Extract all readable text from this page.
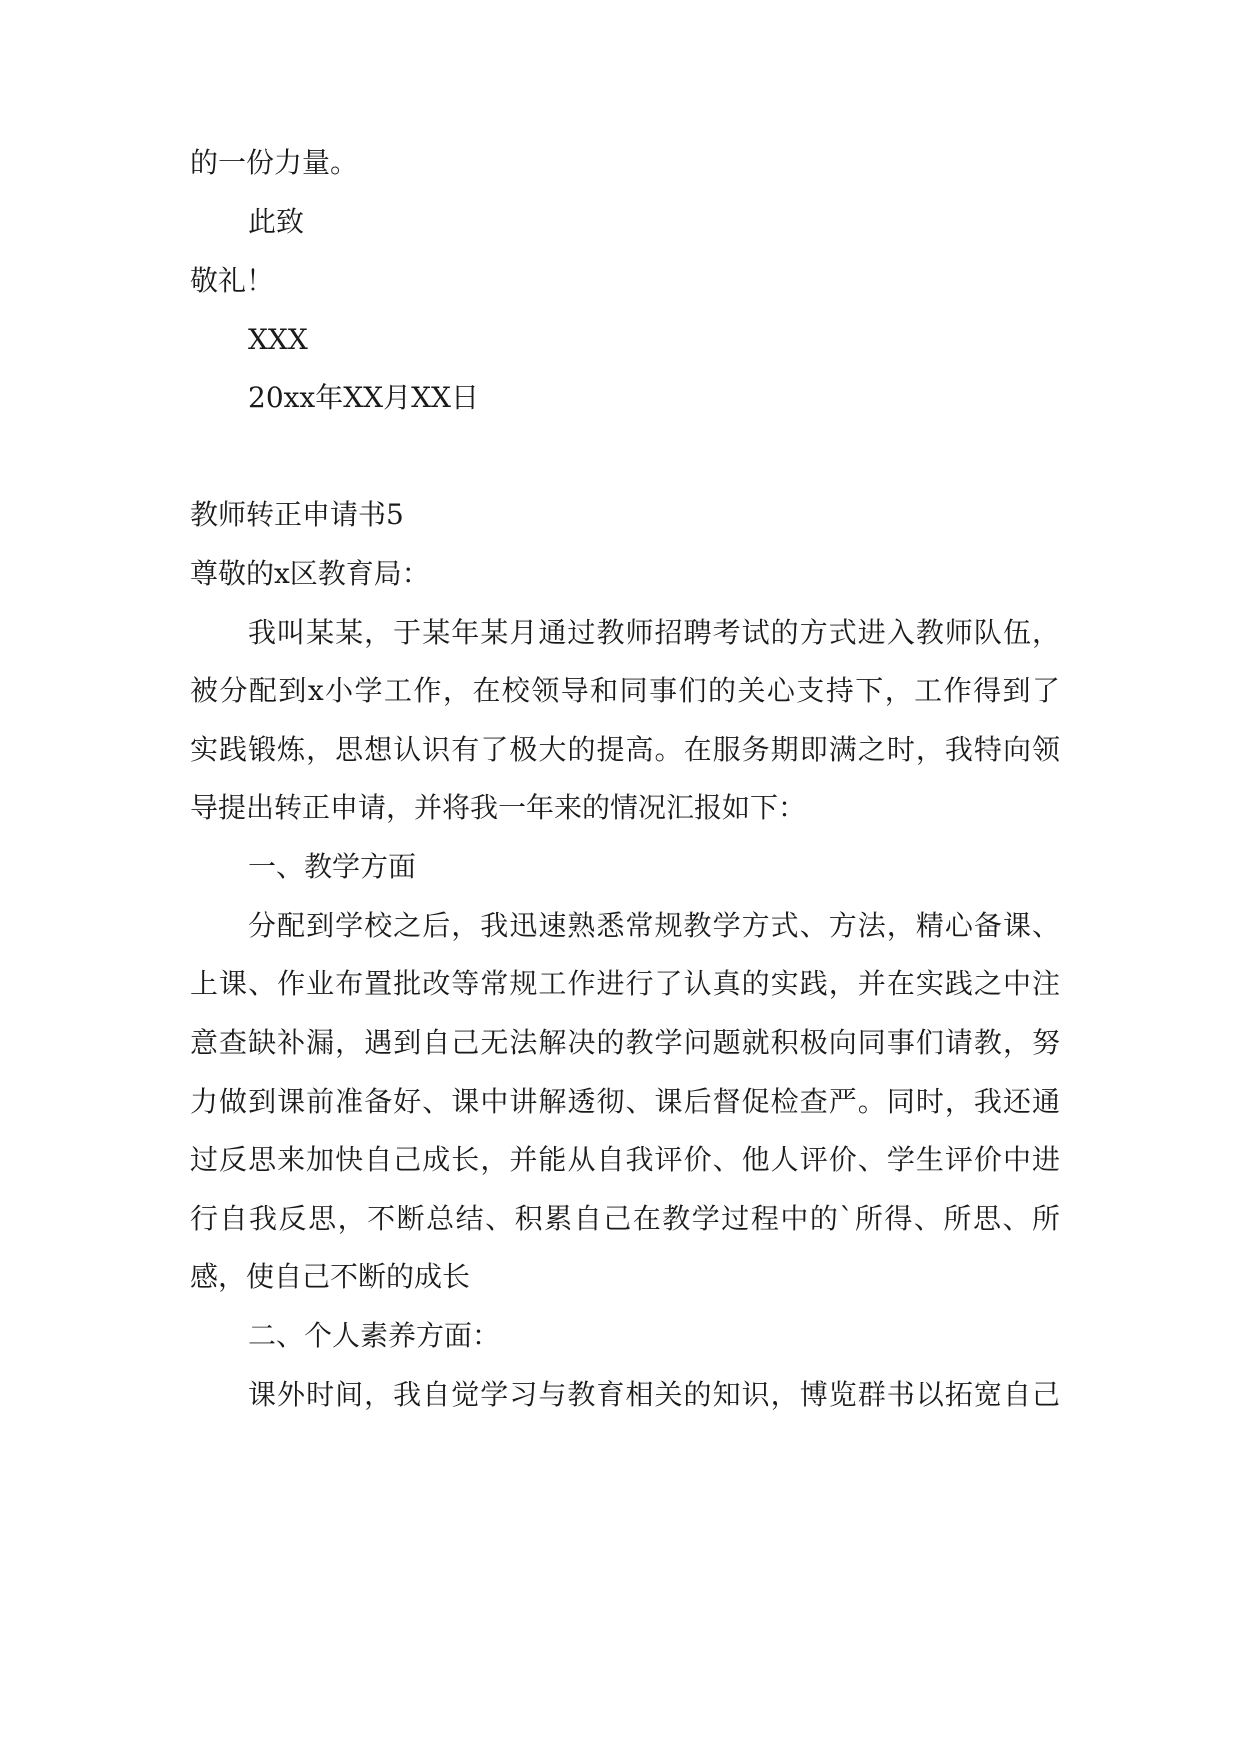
的一份力量。

此致

敬礼！

XXX

20xx年XX月XX日

教师转正申请书5

尊敬的x区教育局：

我叫某某，于某年某月通过教师招聘考试的方式进入教师队伍，

被分配到x小学工作，在校领导和同事们的关心支持下，工作得到了

实践锻炼，思想认识有了极大的提高。在服务期即满之时，我特向领

导提出转正申请，并将我一年来的情况汇报如下：

一、教学方面

分配到学校之后，我迅速熟悉常规教学方式、方法，精心备课、

上课、作业布置批改等常规工作进行了认真的实践，并在实践之中注

意查缺补漏，遇到自己无法解决的教学问题就积极向同事们请教，努

力做到课前准备好、课中讲解透彻、课后督促检查严。同时，我还通

过反思来加快自己成长，并能从自我评价、他人评价、学生评价中进

行自我反思，不断总结、积累自己在教学过程中的`所得、所思、所

感，使自己不断的成长

二、个人素养方面：

课外时间，我自觉学习与教育相关的知识，博览群书以拓宽自己
